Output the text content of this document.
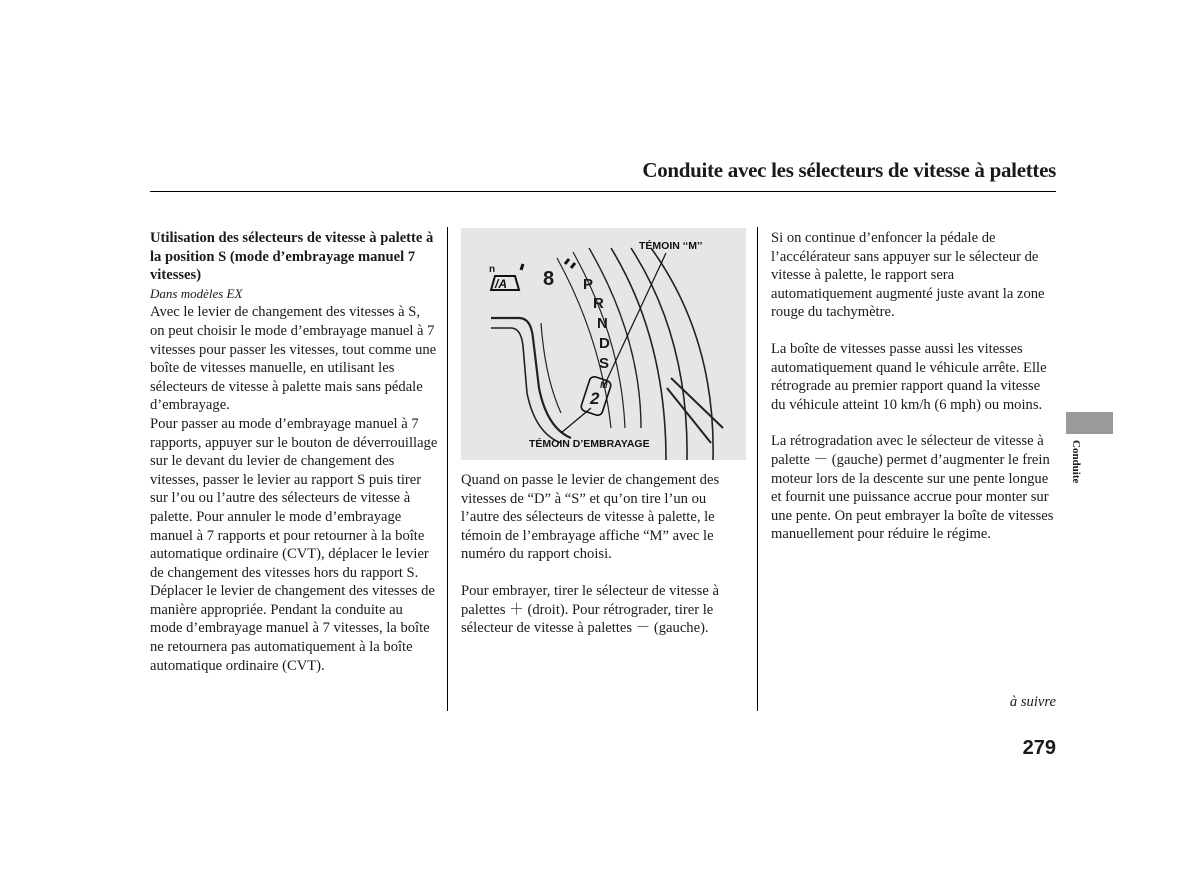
Conduite avec les sélecteurs de vitesse à palettes

Utilisation des sélecteurs de vitesse à palette à la position S (mode d’embrayage manuel 7 vitesses)

Dans modèles EX

Avec le levier de changement des vitesses à S, on peut choisir le mode d’embrayage manuel à 7 vitesses pour passer les vitesses, tout comme une boîte de vitesses manuelle, en utilisant les sélecteurs de vitesse à palette mais sans pédale d’embrayage.

Pour passer au mode d’embrayage manuel à 7 rapports, appuyer sur le bouton de déverrouillage sur le devant du levier de changement des vitesses, passer le levier au rapport S puis tirer sur l’ou ou l’autre des sélecteurs de vitesse à palette. Pour annuler le mode d’embrayage manuel à 7 rapports et pour retourner à la boîte automatique ordinaire (CVT), déplacer le levier de changement des vitesses hors du rapport S. Déplacer le levier de changement des vitesses de manière appropriée. Pendant la conduite au mode d’embrayage manuel à 7 vitesses, la boîte ne retournera pas automatiquement à la boîte automatique ordinaire (CVT).

/A
TÉMOIN ‘‘M’’
TÉMOIN D’EMBRAYAGE
n 8 P
R
N
D
S
M
2

Quand on passe le levier de changement des vitesses de “D” à “S” et qu’on tire l’un ou l’autre des sélecteurs de vitesse à palette, le témoin de l’embrayage affiche “M” avec le numéro du rapport choisi.

Pour embrayer, tirer le sélecteur de vitesse à palettes ＋ (droit). Pour rétrograder, tirer le sélecteur de vitesse à palettes － (gauche).

Si on continue d’enfoncer la pédale de l’accélérateur sans appuyer sur le sélecteur de vitesse à palette, le rapport sera automatiquement augmenté juste avant la zone rouge du tachymètre.

La boîte de vitesses passe aussi les vitesses automatiquement quand le véhicule arrête. Elle rétrograde au premier rapport quand la vitesse du véhicule atteint 10 km/h (6 mph) ou moins.

La rétrogradation avec le sélecteur de vitesse à palette － (gauche) permet d’augmenter le frein moteur lors de la descente sur une pente longue et fournit une puissance accrue pour monter sur une pente. On peut embrayer la boîte de vitesses manuellement pour réduire le régime.

Conduite
à suivre
279
